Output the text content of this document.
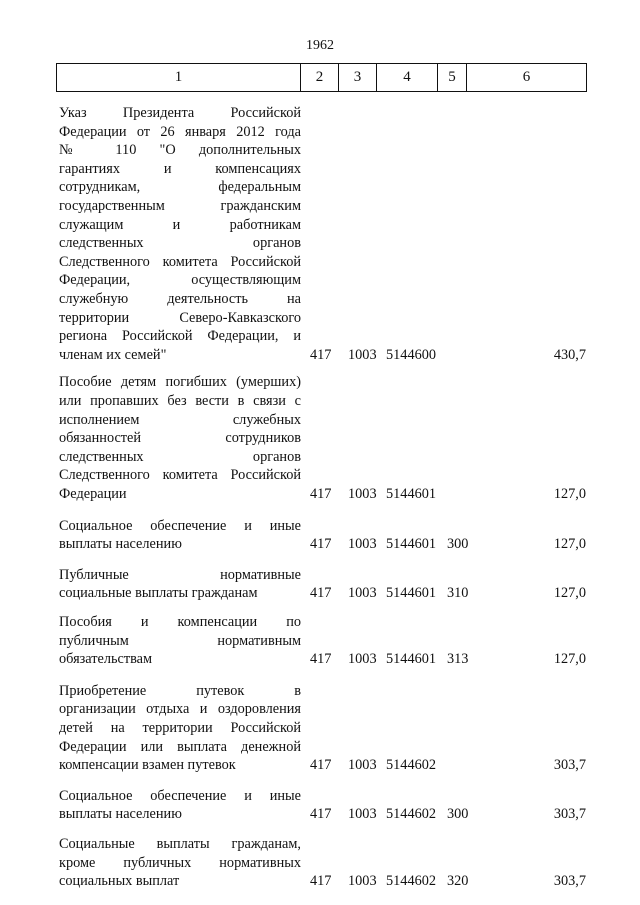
1962
1	2	3	4	5	6
Указ Президента Российской
Федерации от 26 января 2012 года
№ 110 "О дополнительных
гарантиях и компенсациях
сотрудникам, федеральным
государственным гражданским
служащим и работникам
следственных органов
Следственного комитета Российской
Федерации, осуществляющим
служебную деятельность на
территории Северо-Кавказского
региона Российской Федерации, и
членам их семей"	417 1003 5144600	430,7
Пособие детям погибших (умерших)
или пропавших без вести в связи с
исполнением служебных
обязанностей сотрудников
следственных органов
Следственного комитета Российской
Федерации	417 1003 5144601	127,0
Социальное обеспечение и иные
выплаты населению	417 1003 5144601 300	127,0
Публичные нормативные
социальные выплаты гражданам	417 1003 5144601 310	127,0
Пособия и компенсации по
публичным нормативным
обязательствам	417 1003 5144601 313	127,0
Приобретение путевок в
организации отдыха и оздоровления
детей на территории Российской
Федерации или выплата денежной
компенсации взамен путевок	417 1003 5144602	303,7
Социальное обеспечение и иные
выплаты населению	417 1003 5144602 300	303,7
Социальные выплаты гражданам,
кроме публичных нормативных
социальных выплат	417 1003 5144602 320	303,7
